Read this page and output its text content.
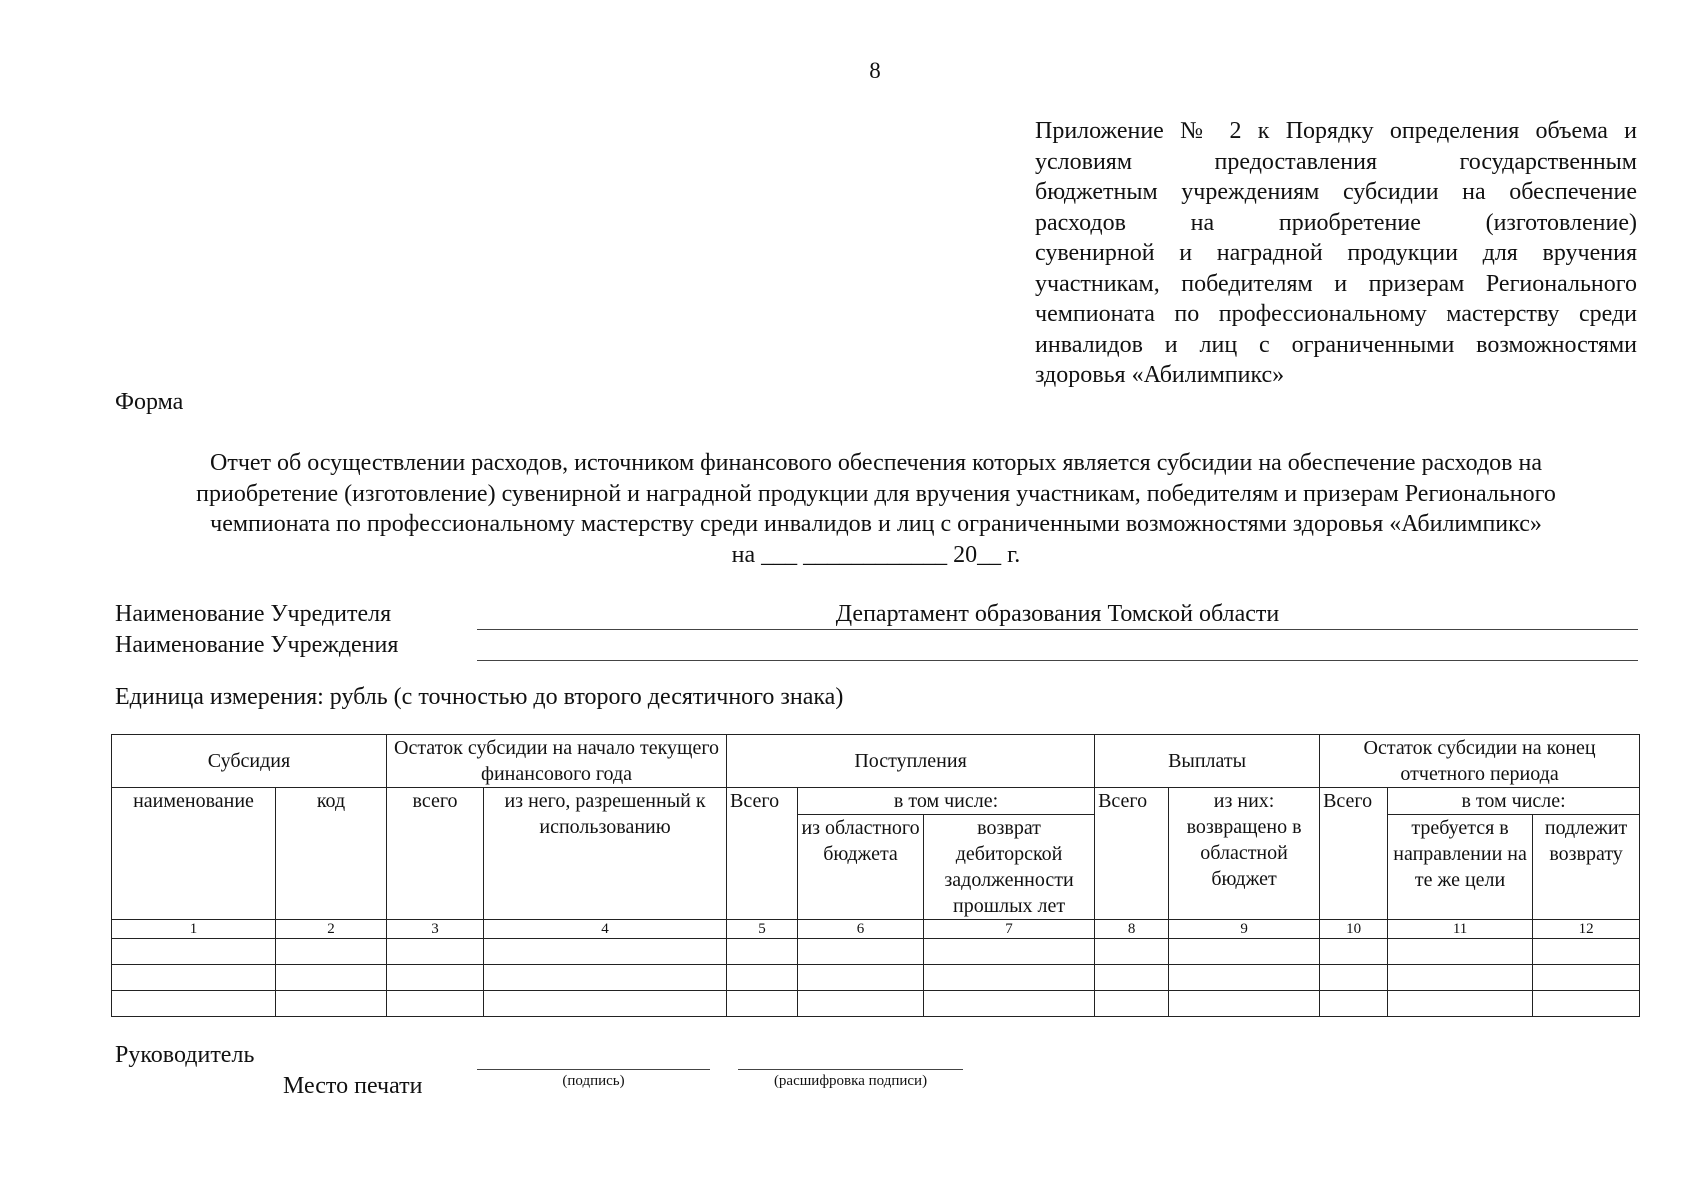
8
Приложение № 2 к Порядку определения объема и
условиям предоставления государственным
бюджетным учреждениям субсидии на обеспечение
расходов на приобретение (изготовление)
сувенирной и наградной продукции для вручения
участникам, победителям и призерам Регионального
чемпионата по профессиональному мастерству среди
инвалидов и лиц с ограниченными возможностями
здоровья «Абилимпикс»
Форма
Отчет об осуществлении расходов, источником финансового обеспечения которых является субсидии на обеспечение расходов на
приобретение (изготовление) сувенирной и наградной продукции для вручения участникам, победителям и призерам Регионального
чемпионата по профессиональному мастерству среди инвалидов и лиц с ограниченными возможностями здоровья «Абилимпикс»
на ___ ____________ 20__ г.
Наименование Учредителя	Департамент образования Томской области
Наименование Учреждения
Единица измерения: рубль (с точностью до второго десятичного знака)
Субсидия		Остаток субсидии на начало текущего финансового года		Поступления			Выплаты		Остаток субсидии на конец отчетного периода		
наименование	код	всего	из него, разрешенный к использованию	Всего	в том числе:		Всего	из них: возвращено в областной бюджет	Всего	в том числе:	
					из областного бюджета	возврат дебиторской задолженности прошлых лет				требуется в направлении на те же цели	подлежит возврату
1	2	3	4	5	6	7	8	9	10	11	12

Руководитель
Место печати	(подпись)	(расшифровка подписи)
